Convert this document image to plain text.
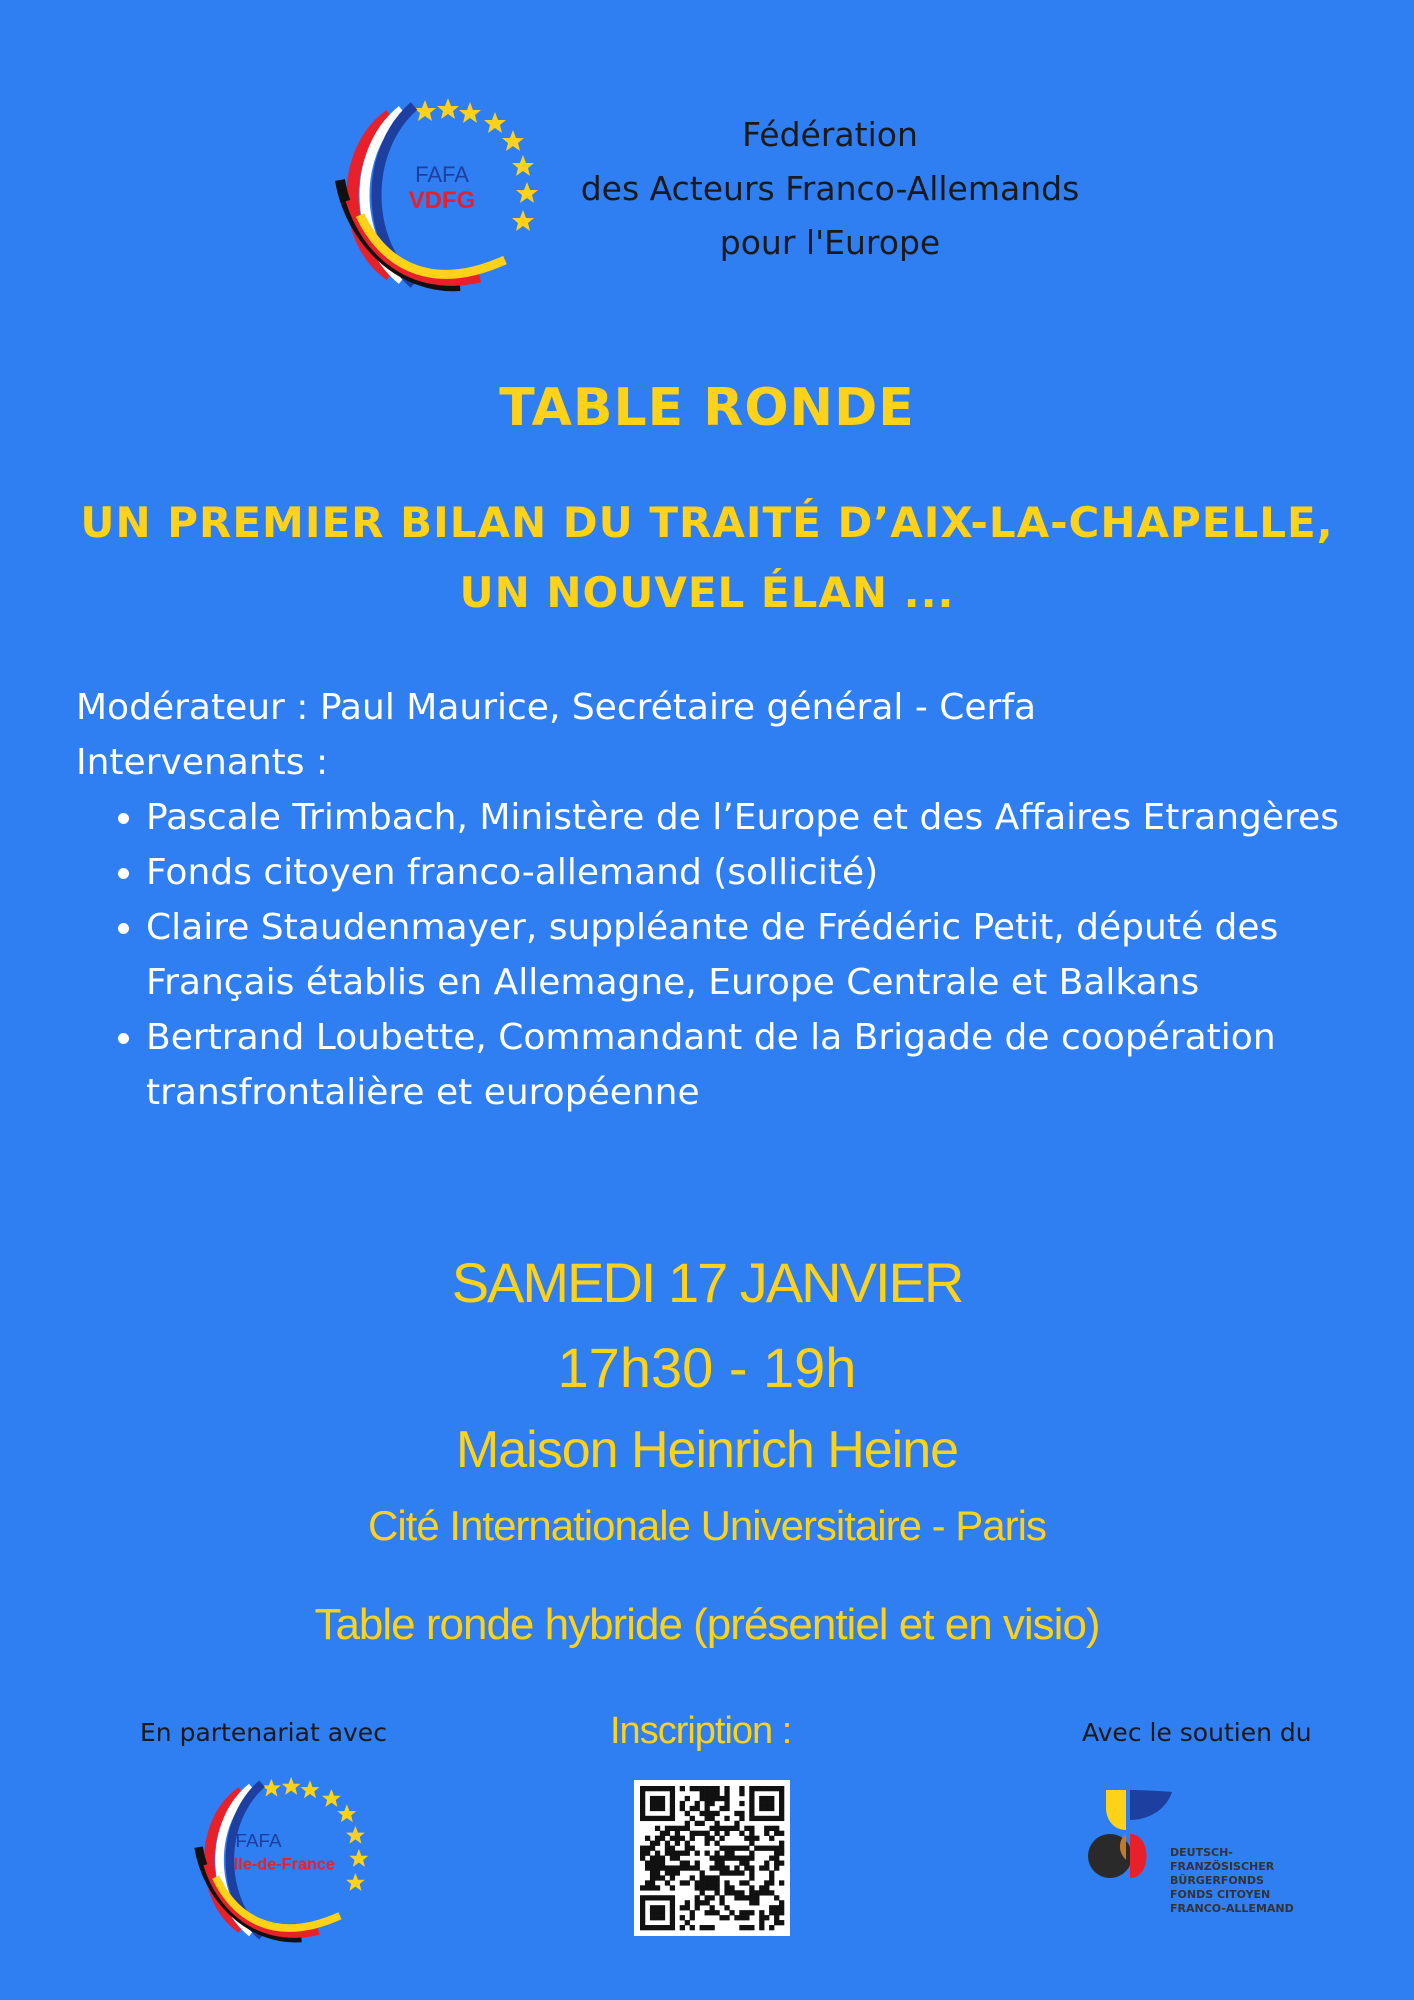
FAFA
VDFG
Fédération
des Acteurs Franco-Allemands
pour l'Europe
TABLE RONDE
UN PREMIER BILAN DU TRAITÉ D’AIX-LA-CHAPELLE,
UN NOUVEL ÉLAN ...
Modérateur : Paul Maurice, Secrétaire général - Cerfa
Intervenants :
• Pascale Trimbach, Ministère de l’Europe et des Affaires Etrangères
• Fonds citoyen franco-allemand (sollicité)
• Claire Staudenmayer, suppléante de Frédéric Petit, député des Français établis en Allemagne, Europe Centrale et Balkans
• Bertrand Loubette, Commandant de la Brigade de coopération transfrontalière et européenne
SAMEDI 17 JANVIER
17h30 - 19h
Maison Heinrich Heine
Cité Internationale Universitaire - Paris
Table ronde hybride (présentiel et en visio)
En partenariat avec
FAFA
Ile-de-France
Inscription :	Avec le soutien du
DEUTSCH-
FRANZÖSISCHER
BÜRGERFONDS
FONDS CITOYEN
FRANCO-ALLEMAND
